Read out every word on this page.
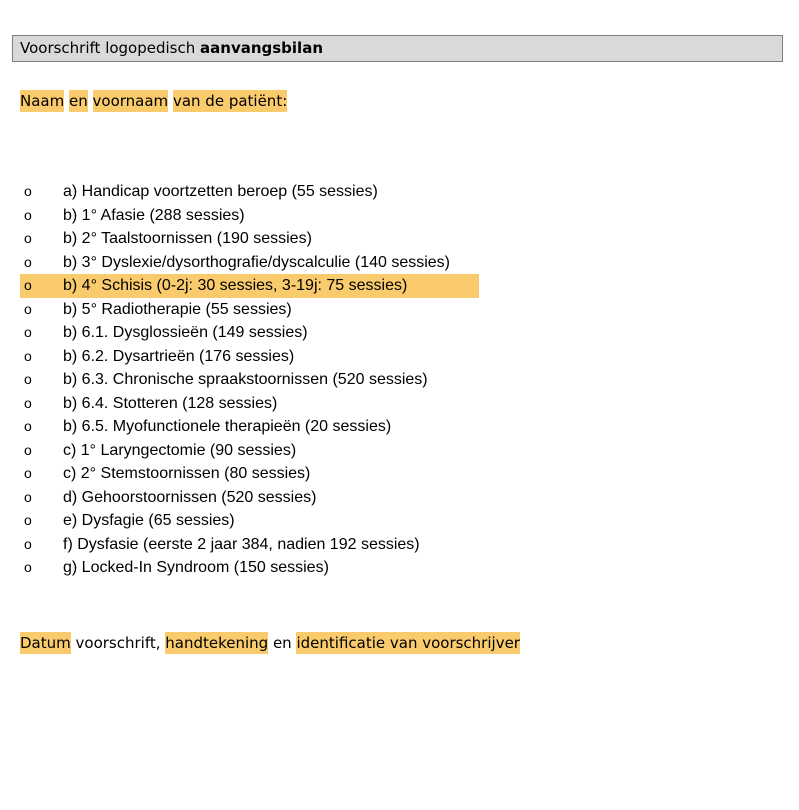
Voorschrift logopedisch aanvangsbilan
Naam en voornaam van de patiënt:
o a) Handicap voortzetten beroep (55 sessies)
o b) 1° Afasie (288 sessies)
o b) 2° Taalstoornissen (190 sessies)
o b) 3° Dyslexie/dysorthografie/dyscalculie (140 sessies)
o b) 4° Schisis (0-2j: 30 sessies, 3-19j: 75 sessies)
o b) 5° Radiotherapie (55 sessies)
o b) 6.1. Dysglossieën (149 sessies)
o b) 6.2. Dysartrieën (176 sessies)
o b) 6.3. Chronische spraakstoornissen (520 sessies)
o b) 6.4. Stotteren (128 sessies)
o b) 6.5. Myofunctionele therapieën (20 sessies)
o c) 1° Laryngectomie (90 sessies)
o c) 2° Stemstoornissen (80 sessies)
o d) Gehoorstoornissen (520 sessies)
o e) Dysfagie (65 sessies)
o f) Dysfasie (eerste 2 jaar 384, nadien 192 sessies)
o g) Locked-In Syndroom (150 sessies)
Datum voorschrift, handtekening en identificatie van voorschrijver
